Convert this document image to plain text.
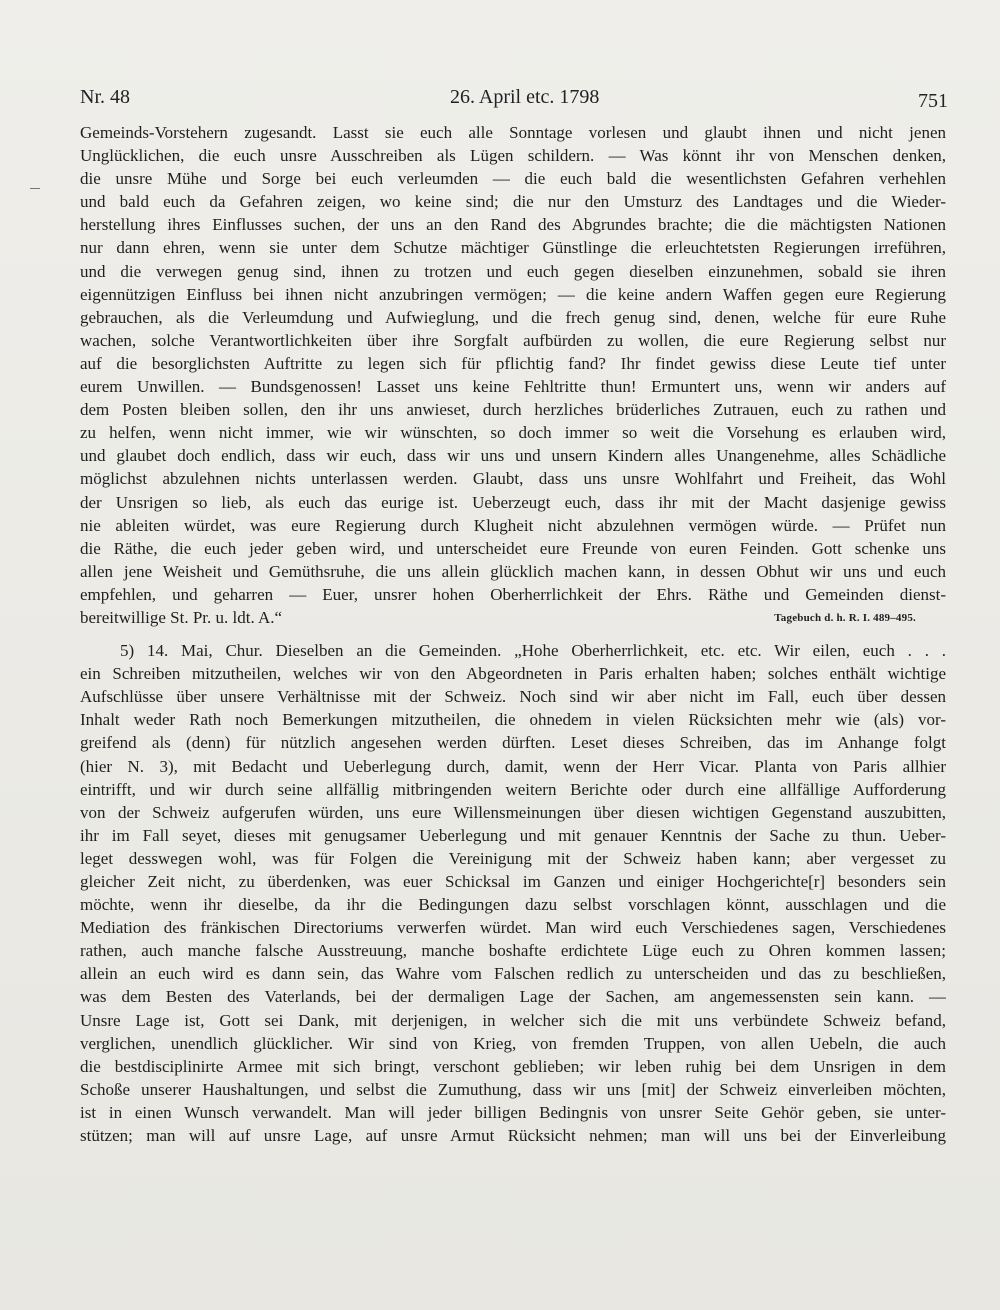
Nr. 48	26. April etc. 1798	751
Gemeinds-Vorstehern zugesandt. Lasst sie euch alle Sonntage vorlesen und glaubt ihnen und nicht jenen
Unglücklichen, die euch unsre Ausschreiben als Lügen schildern. — Was könnt ihr von Menschen denken,
die unsre Mühe und Sorge bei euch verleumden — die euch bald die wesentlichsten Gefahren verhehlen
und bald euch da Gefahren zeigen, wo keine sind; die nur den Umsturz des Landtages und die Wieder-
herstellung ihres Einflusses suchen, der uns an den Rand des Abgrundes brachte; die die mächtigsten Nationen
nur dann ehren, wenn sie unter dem Schutze mächtiger Günstlinge die erleuchtetsten Regierungen irreführen,
und die verwegen genug sind, ihnen zu trotzen und euch gegen dieselben einzunehmen, sobald sie ihren
eigennützigen Einfluss bei ihnen nicht anzubringen vermögen; — die keine andern Waffen gegen eure Regierung
gebrauchen, als die Verleumdung und Aufwieglung, und die frech genug sind, denen, welche für eure Ruhe
wachen, solche Verantwortlichkeiten über ihre Sorgfalt aufbürden zu wollen, die eure Regierung selbst nur
auf die besorglichsten Auftritte zu legen sich für pflichtig fand? Ihr findet gewiss diese Leute tief unter
eurem Unwillen. — Bundsgenossen! Lasset uns keine Fehltritte thun! Ermuntert uns, wenn wir anders auf
dem Posten bleiben sollen, den ihr uns anwieset, durch herzliches brüderliches Zutrauen, euch zu rathen und
zu helfen, wenn nicht immer, wie wir wünschten, so doch immer so weit die Vorsehung es erlauben wird,
und glaubet doch endlich, dass wir euch, dass wir uns und unsern Kindern alles Unangenehme, alles Schädliche
möglichst abzulehnen nichts unterlassen werden. Glaubt, dass uns unsre Wohlfahrt und Freiheit, das Wohl
der Unsrigen so lieb, als euch das eurige ist. Ueberzeugt euch, dass ihr mit der Macht dasjenige gewiss
nie ableiten würdet, was eure Regierung durch Klugheit nicht abzulehnen vermögen würde. — Prüfet nun
die Räthe, die euch jeder geben wird, und unterscheidet eure Freunde von euren Feinden. Gott schenke uns
allen jene Weisheit und Gemüthsruhe, die uns allein glücklich machen kann, in dessen Obhut wir uns und euch
empfehlen, und geharren — Euer, unsrer hohen Oberherrlichkeit der Ehrs. Räthe und Gemeinden dienst-
bereitwillige St. Pr. u. ldt. A.“	Tagebuch d. h. R. I. 489–495.
5) 14. Mai, Chur. Dieselben an die Gemeinden. „Hohe Oberherrlichkeit, etc. etc. Wir eilen, euch . . .
ein Schreiben mitzutheilen, welches wir von den Abgeordneten in Paris erhalten haben; solches enthält wichtige
Aufschlüsse über unsere Verhältnisse mit der Schweiz. Noch sind wir aber nicht im Fall, euch über dessen
Inhalt weder Rath noch Bemerkungen mitzutheilen, die ohnedem in vielen Rücksichten mehr wie (als) vor-
greifend als (denn) für nützlich angesehen werden dürften. Leset dieses Schreiben, das im Anhange folgt
(hier N. 3), mit Bedacht und Ueberlegung durch, damit, wenn der Herr Vicar. Planta von Paris allhier
eintrifft, und wir durch seine allfällig mitbringenden weitern Berichte oder durch eine allfällige Aufforderung
von der Schweiz aufgerufen würden, uns eure Willensmeinungen über diesen wichtigen Gegenstand auszubitten,
ihr im Fall seyet, dieses mit genugsamer Ueberlegung und mit genauer Kenntnis der Sache zu thun. Ueber-
leget desswegen wohl, was für Folgen die Vereinigung mit der Schweiz haben kann; aber vergesset zu
gleicher Zeit nicht, zu überdenken, was euer Schicksal im Ganzen und einiger Hochgerichte[r] besonders sein
möchte, wenn ihr dieselbe, da ihr die Bedingungen dazu selbst vorschlagen könnt, ausschlagen und die
Mediation des fränkischen Directoriums verwerfen würdet. Man wird euch Verschiedenes sagen, Verschiedenes
rathen, auch manche falsche Ausstreuung, manche boshafte erdichtete Lüge euch zu Ohren kommen lassen;
allein an euch wird es dann sein, das Wahre vom Falschen redlich zu unterscheiden und das zu beschließen,
was dem Besten des Vaterlands, bei der dermaligen Lage der Sachen, am angemessensten sein kann. —
Unsre Lage ist, Gott sei Dank, mit derjenigen, in welcher sich die mit uns verbündete Schweiz befand,
verglichen, unendlich glücklicher. Wir sind von Krieg, von fremden Truppen, von allen Uebeln, die auch
die bestdisciplinirte Armee mit sich bringt, verschont geblieben; wir leben ruhig bei dem Unsrigen in dem
Schoße unserer Haushaltungen, und selbst die Zumuthung, dass wir uns [mit] der Schweiz einverleiben möchten,
ist in einen Wunsch verwandelt. Man will jeder billigen Bedingnis von unsrer Seite Gehör geben, sie unter-
stützen; man will auf unsre Lage, auf unsre Armut Rücksicht nehmen; man will uns bei der Einverleibung
